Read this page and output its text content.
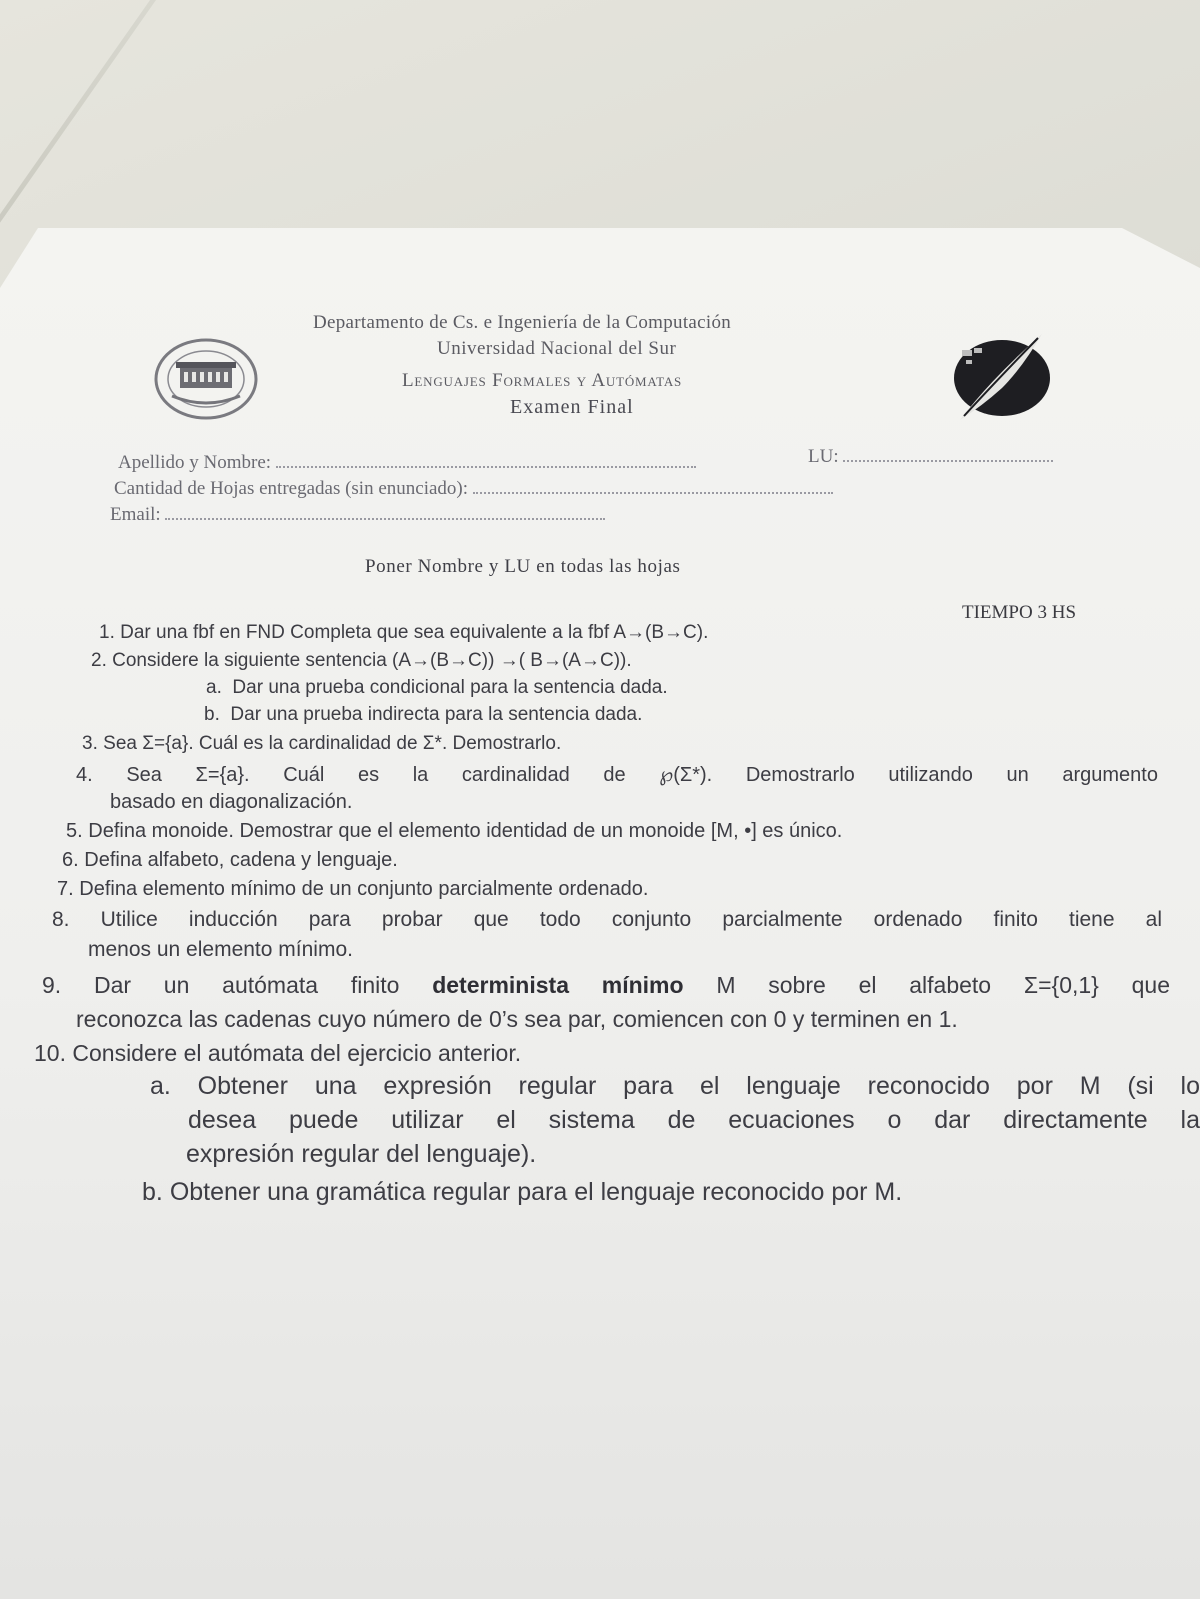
Departamento de Cs. e Ingeniería de la Computación
Universidad Nacional del Sur
Lenguajes Formales y Autómatas
Examen Final
Apellido y Nombre:	LU:
Cantidad de Hojas entregadas (sin enunciado):
Email:
Poner Nombre y LU en todas las hojas
TIEMPO 3 HS
1. Dar una fbf en FND Completa que sea equivalente a la fbf A→(B→C).
2. Considere la siguiente sentencia (A→(B→C)) →( B→(A→C)).
a. Dar una prueba condicional para la sentencia dada.
b. Dar una prueba indirecta para la sentencia dada.
3. Sea Σ={a}. Cuál es la cardinalidad de Σ*. Demostrarlo.
4. Sea Σ={a}. Cuál es la cardinalidad de ℘(Σ*). Demostrarlo utilizando un argumento
basado en diagonalización.
5. Defina monoide. Demostrar que el elemento identidad de un monoide [M, •] es único.
6. Defina alfabeto, cadena y lenguaje.
7. Defina elemento mínimo de un conjunto parcialmente ordenado.
8. Utilice inducción para probar que todo conjunto parcialmente ordenado finito tiene al
menos un elemento mínimo.
9. Dar un autómata finito determinista mínimo M sobre el alfabeto Σ={0,1} que
reconozca las cadenas cuyo número de 0’s sea par, comiencen con 0 y terminen en 1.
10. Considere el autómata del ejercicio anterior.
a. Obtener una expresión regular para el lenguaje reconocido por M (si lo
desea puede utilizar el sistema de ecuaciones o dar directamente la
expresión regular del lenguaje).
b. Obtener una gramática regular para el lenguaje reconocido por M.
